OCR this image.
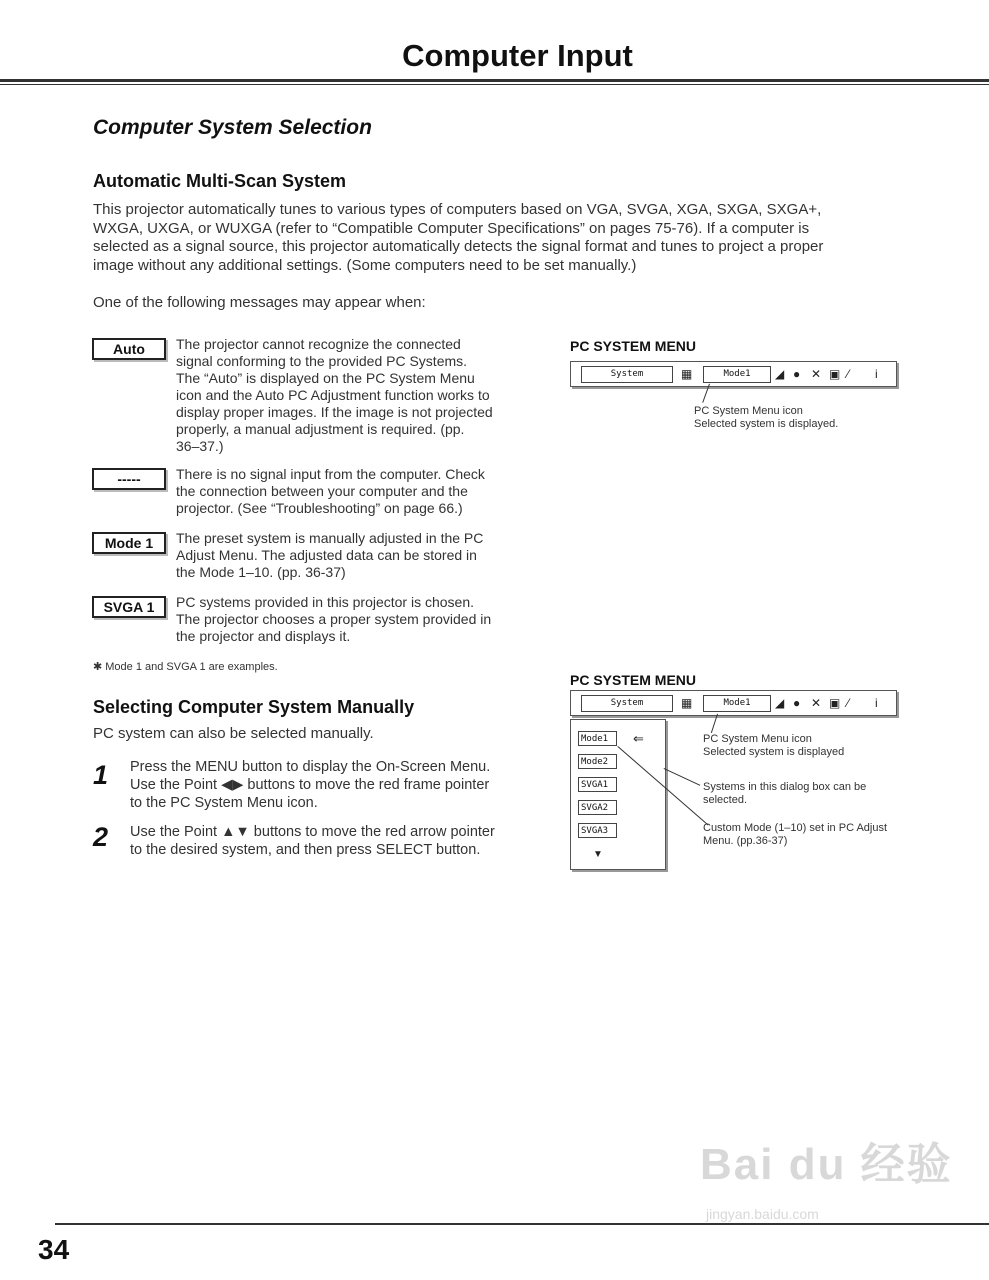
Computer Input
Computer System Selection
Automatic Multi-Scan System
This projector automatically tunes to various types of computers based on VGA, SVGA, XGA, SXGA, SXGA+,
WXGA, UXGA, or WUXGA (refer to “Compatible Computer Specifications” on pages 75-76). If a computer is
selected as a signal source, this projector automatically detects the signal format and tunes to project a proper
image without any additional settings. (Some computers need to be set manually.)
One of the following messages may appear when:
Auto	The projector cannot recognize the connected
signal conforming to the provided PC Systems.
The “Auto” is displayed on the PC System Menu
icon and the Auto PC Adjustment function works to
display proper images. If the image is not projected
properly, a manual adjustment is required. (pp.
36–37.)
-----	There is no signal input from the computer. Check
the connection between your computer and the
projector. (See “Troubleshooting” on page 66.)
Mode 1	The preset system is manually adjusted in the PC
Adjust Menu. The adjusted data can be stored in
the Mode 1–10. (pp. 36-37)
SVGA 1	PC systems provided in this projector is chosen.
The projector chooses a proper system provided in
the projector and displays it.
✱ Mode 1 and SVGA 1 are examples.
Selecting Computer System Manually
PC system can also be selected manually.
1 Press the MENU button to display the On-Screen Menu.
Use the Point ◀▶ buttons to move the red frame pointer
to the PC System Menu icon.
2 Use the Point ▲▼ buttons to move the red arrow pointer
to the desired system, and then press SELECT button.
PC SYSTEM MENU
System	▦	Mode1	◢ ● ✕ ▣ ⁄ i
PC System Menu icon
Selected system is displayed.
PC SYSTEM MENU
System	▦	Mode1	◢ ● ✕ ▣ ⁄ i
Mode1
Mode2
SVGA1
SVGA2
SVGA3
⇐
▼
PC System Menu icon
Selected system is displayed
Systems in this dialog box can be
selected.
Custom Mode (1–10) set in PC Adjust
Menu. (pp.36-37)
Bai du 经验
jingyan.baidu.com
34
